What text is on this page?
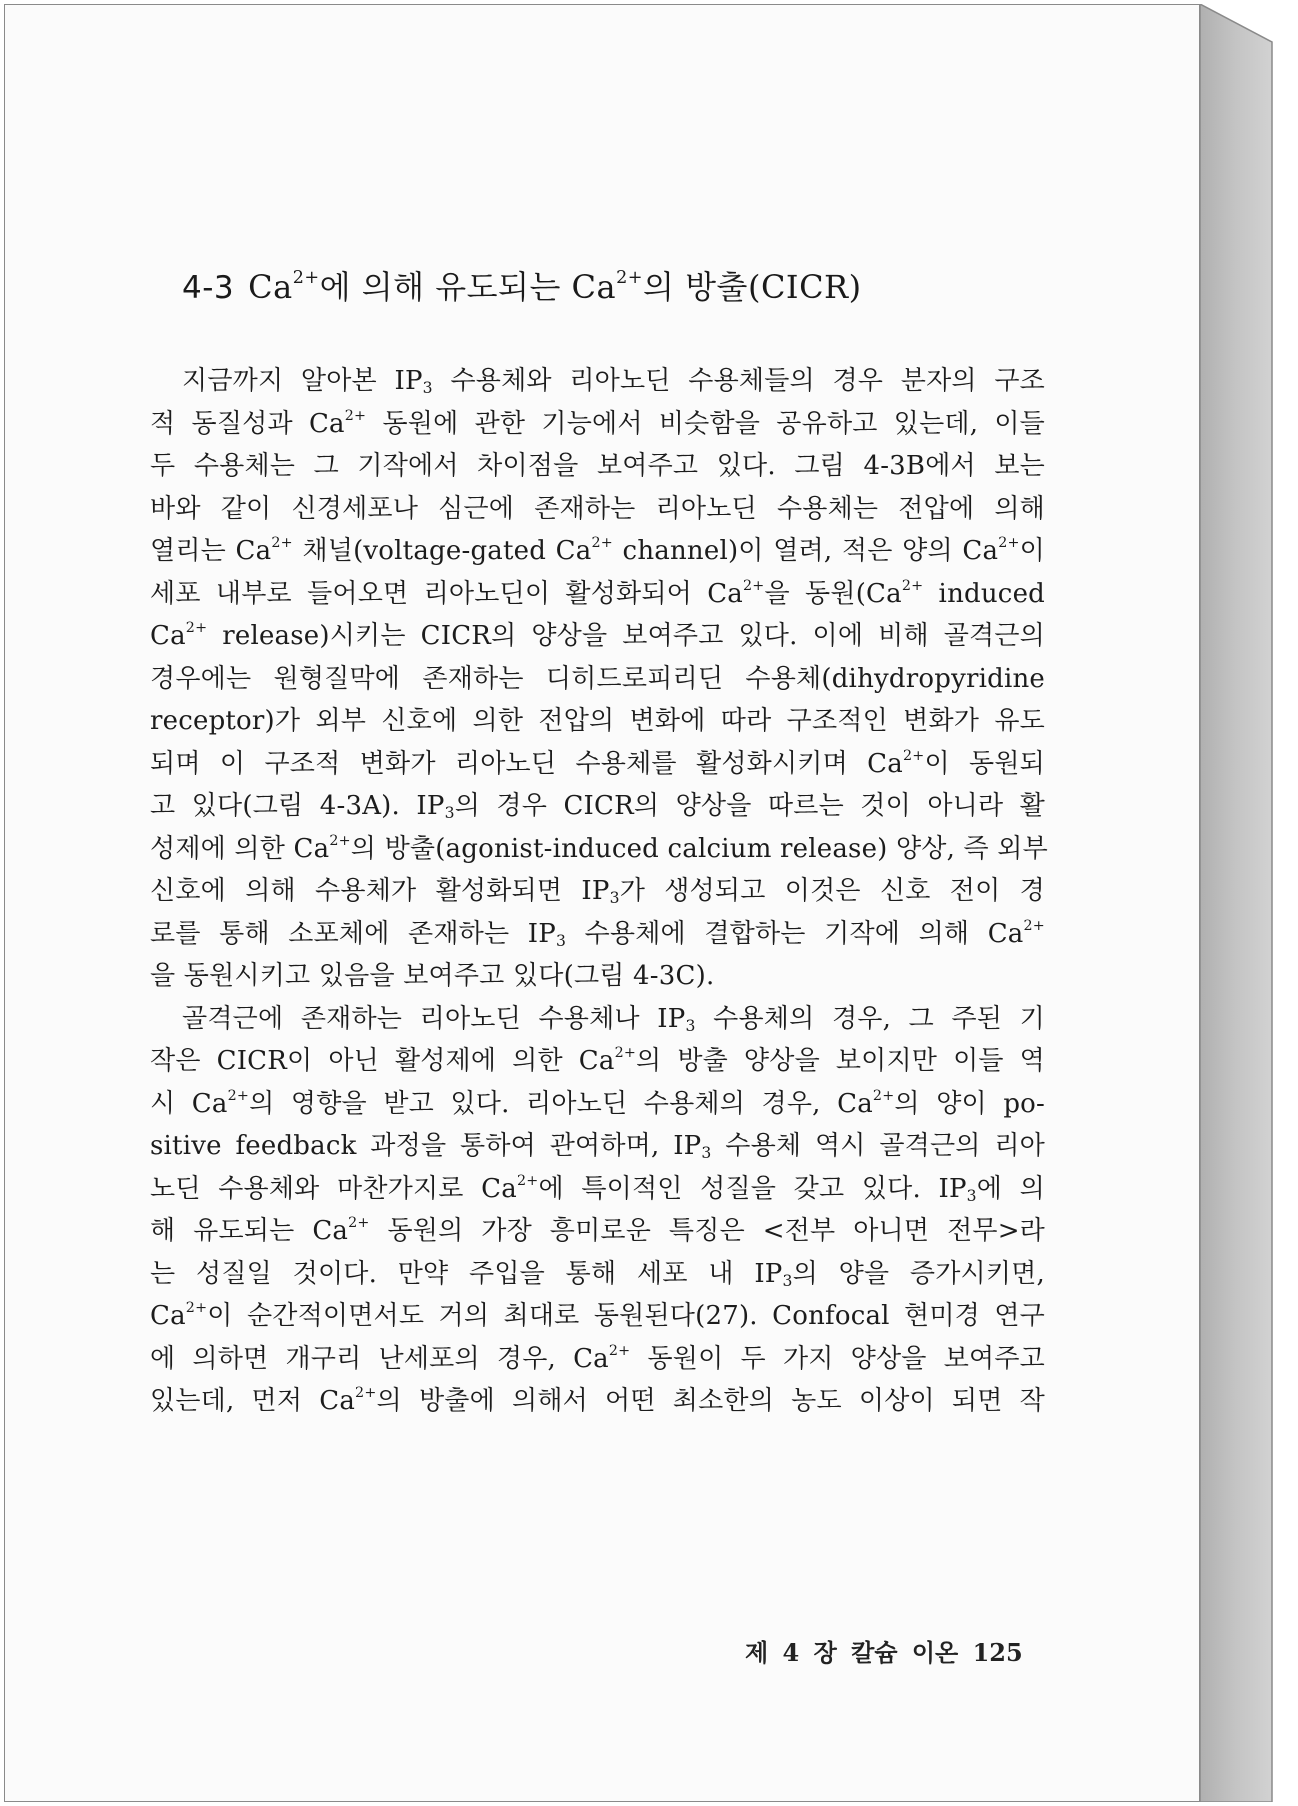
4-3 $Ca^{2+}$에 의해 유도되는 $Ca^{2+}$의 방출(CICR)
지금까지 알아본 $IP_3$ 수용체와 리아노딘 수용체들의 경우 분자의 구조
적 동질성과 $Ca^{2+}$ 동원에 관한 기능에서 비슷함을 공유하고 있는데, 이들
두 수용체는 그 기작에서 차이점을 보여주고 있다. 그림 4-3B에서 보는
바와 같이 신경세포나 심근에 존재하는 리아노딘 수용체는 전압에 의해
열리는 $Ca^{2+}$ 채널(voltage-gated $Ca^{2+}$ channel)이 열려, 적은 양의 $Ca^{2+}$이
세포 내부로 들어오면 리아노딘이 활성화되어 $Ca^{2+}$을 동원($Ca^{2+}$ induced
$Ca^{2+}$ release)시키는 CICR의 양상을 보여주고 있다. 이에 비해 골격근의
경우에는 원형질막에 존재하는 디히드로피리딘 수용체(dihydropyridine
receptor)가 외부 신호에 의한 전압의 변화에 따라 구조적인 변화가 유도
되며 이 구조적 변화가 리아노딘 수용체를 활성화시키며 $Ca^{2+}$이 동원되
고 있다(그림 4-3A). $IP_3$의 경우 CICR의 양상을 따르는 것이 아니라 활
성제에 의한 $Ca^{2+}$의 방출(agonist-induced calcium release) 양상, 즉 외부
신호에 의해 수용체가 활성화되면 $IP_3$가 생성되고 이것은 신호 전이 경
로를 통해 소포체에 존재하는 $IP_3$ 수용체에 결합하는 기작에 의해 $Ca^{2+}$
을 동원시키고 있음을 보여주고 있다(그림 4-3C).
골격근에 존재하는 리아노딘 수용체나 $IP_3$ 수용체의 경우, 그 주된 기
작은 CICR이 아닌 활성제에 의한 $Ca^{2+}$의 방출 양상을 보이지만 이들 역
시 $Ca^{2+}$의 영향을 받고 있다. 리아노딘 수용체의 경우, $Ca^{2+}$의 양이 po-
sitive feedback 과정을 통하여 관여하며, $IP_3$ 수용체 역시 골격근의 리아
노딘 수용체와 마찬가지로 $Ca^{2+}$에 특이적인 성질을 갖고 있다. $IP_3$에 의
해 유도되는 $Ca^{2+}$ 동원의 가장 흥미로운 특징은 <전부 아니면 전무>라
는 성질일 것이다. 만약 주입을 통해 세포 내 $IP_3$의 양을 증가시키면,
$Ca^{2+}$이 순간적이면서도 거의 최대로 동원된다(27). Confocal 현미경 연구
에 의하면 개구리 난세포의 경우, $Ca^{2+}$ 동원이 두 가지 양상을 보여주고
있는데, 먼저 $Ca^{2+}$의 방출에 의해서 어떤 최소한의 농도 이상이 되면 작
제 4 장 칼슘 이온 125
